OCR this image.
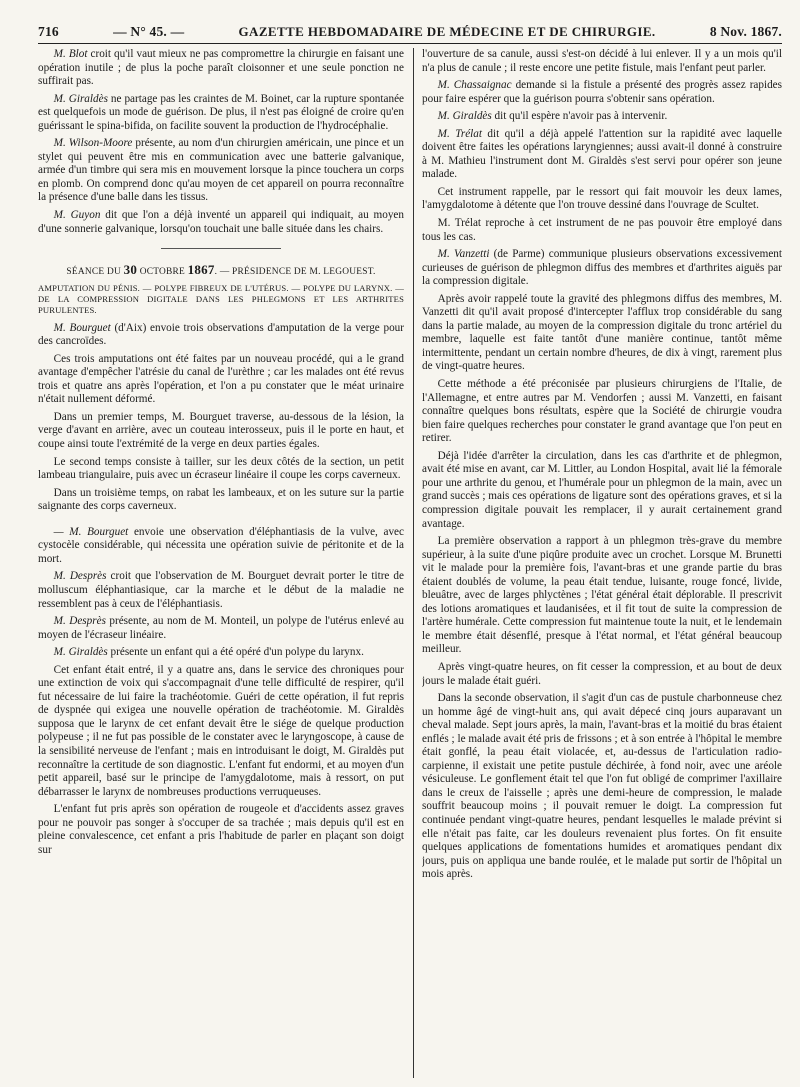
716	— N° 45. —	GAZETTE HEBDOMADAIRE DE MÉDECINE ET DE CHIRURGIE.	8 Nov. 1867.

M. Blot croit qu'il vaut mieux ne pas compromettre la chirurgie en faisant une opération inutile ; de plus la poche paraît cloisonner et une seule ponction ne suffirait pas.

M. Giraldès ne partage pas les craintes de M. Boinet, car la rupture spontanée est quelquefois un mode de guérison. De plus, il n'est pas éloigné de croire qu'en guérissant le spina-bifida, on facilite souvent la production de l'hydrocéphalie.

M. Wilson-Moore présente, au nom d'un chirurgien américain, une pince et un stylet qui peuvent être mis en communication avec une batterie galvanique, armée d'un timbre qui sera mis en mouvement lorsque la pince touchera un corps en plomb. On comprend donc qu'au moyen de cet appareil on pourra reconnaître la présence d'une balle dans les tissus.

M. Guyon dit que l'on a déjà inventé un appareil qui indiquait, au moyen d'une sonnerie galvanique, lorsqu'on touchait une balle située dans les chairs.

SÉANCE DU 30 OCTOBRE 1867. — PRÉSIDENCE DE M. LEGOUEST.
AMPUTATION DU PÉNIS. — POLYPE FIBREUX DE L'UTÉRUS. — POLYPE DU LARYNX. — DE LA COMPRESSION DIGITALE DANS LES PHLEGMONS ET LES ARTHRITES PURULENTES.

M. Bourguet (d'Aix) envoie trois observations d'amputation de la verge pour des cancroïdes.

Ces trois amputations ont été faites par un nouveau procédé, qui a le grand avantage d'empêcher l'atrésie du canal de l'urèthre ; car les malades ont été revus trois et quatre ans après l'opération, et l'on a pu constater que le méat urinaire n'était nullement déformé.

Dans un premier temps, M. Bourguet traverse, au-dessous de la lésion, la verge d'avant en arrière, avec un couteau interosseux, puis il le porte en haut, et coupe ainsi toute l'extrémité de la verge en deux parties égales.

Le second temps consiste à tailler, sur les deux côtés de la section, un petit lambeau triangulaire, puis avec un écraseur linéaire il coupe les corps caverneux.

Dans un troisième temps, on rabat les lambeaux, et on les suture sur la partie saignante des corps caverneux.

— M. Bourguet envoie une observation d'éléphantiasis de la vulve, avec cystocèle considérable, qui nécessita une opération suivie de péritonite et de la mort.

M. Desprès croit que l'observation de M. Bourguet devrait porter le titre de molluscum éléphantiasique, car la marche et le début de la maladie ne ressemblent pas à ceux de l'éléphantiasis.

M. Desprès présente, au nom de M. Monteil, un polype de l'utérus enlevé au moyen de l'écraseur linéaire.

M. Giraldès présente un enfant qui a été opéré d'un polype du larynx.

Cet enfant était entré, il y a quatre ans, dans le service des chroniques pour une extinction de voix qui s'accompagnait d'une telle difficulté de respirer, qu'il fut nécessaire de lui faire la trachéotomie. Guéri de cette opération, il fut repris de dyspnée qui exigea une nouvelle opération de trachéotomie. M. Giraldès supposa que le larynx de cet enfant devait être le siége de quelque production polypeuse ; il ne fut pas possible de le constater avec le laryngoscope, à cause de la sensibilité nerveuse de l'enfant ; mais en introduisant le doigt, M. Giraldès put reconnaître la certitude de son diagnostic. L'enfant fut endormi, et au moyen d'un petit appareil, basé sur le principe de l'amygdalotome, mais à ressort, on put débarrasser le larynx de nombreuses productions verruqueuses.

L'enfant fut pris après son opération de rougeole et d'accidents assez graves pour ne pouvoir pas songer à s'occuper de sa trachée ; mais depuis qu'il est en pleine convalescence, cet enfant a pris l'habitude de parler en plaçant son doigt sur

l'ouverture de sa canule, aussi s'est-on décidé à lui enlever. Il y a un mois qu'il n'a plus de canule ; il reste encore une petite fistule, mais l'enfant peut parler.

M. Chassaignac demande si la fistule a présenté des progrès assez rapides pour faire espérer que la guérison pourra s'obtenir sans opération.

M. Giraldès dit qu'il espère n'avoir pas à intervenir.

M. Trélat dit qu'il a déjà appelé l'attention sur la rapidité avec laquelle doivent être faites les opérations laryngiennes; aussi avait-il donné à construire à M. Mathieu l'instrument dont M. Giraldès s'est servi pour opérer son jeune malade.

Cet instrument rappelle, par le ressort qui fait mouvoir les deux lames, l'amygdalotome à détente que l'on trouve dessiné dans l'ouvrage de Scultet.

M. Trélat reproche à cet instrument de ne pas pouvoir être employé dans tous les cas.

M. Vanzetti (de Parme) communique plusieurs observations excessivement curieuses de guérison de phlegmon diffus des membres et d'arthrites aiguës par la compression digitale.

Après avoir rappelé toute la gravité des phlegmons diffus des membres, M. Vanzetti dit qu'il avait proposé d'intercepter l'afflux trop considérable du sang dans la partie malade, au moyen de la compression digitale du tronc artériel du membre, laquelle est faite tantôt d'une manière continue, tantôt même intermittente, pendant un certain nombre d'heures, de dix à vingt, rarement plus de vingt-quatre heures.

Cette méthode a été préconisée par plusieurs chirurgiens de l'Italie, de l'Allemagne, et entre autres par M. Vendorfen ; aussi M. Vanzetti, en faisant connaître quelques bons résultats, espère que la Société de chirurgie voudra bien faire quelques recherches pour constater le grand avantage que l'on peut en retirer.

Déjà l'idée d'arrêter la circulation, dans les cas d'arthrite et de phlegmon, avait été mise en avant, car M. Littler, au London Hospital, avait lié la fémorale pour une arthrite du genou, et l'humérale pour un phlegmon de la main, avec un grand succès ; mais ces opérations de ligature sont des opérations graves, et si la compression digitale pouvait les remplacer, il y aurait certainement grand avantage.

La première observation a rapport à un phlegmon très-grave du membre supérieur, à la suite d'une piqûre produite avec un crochet. Lorsque M. Brunetti vit le malade pour la première fois, l'avant-bras et une grande partie du bras étaient doublés de volume, la peau était tendue, luisante, rouge foncé, livide, bleuâtre, avec de larges phlyctènes ; l'état général était déplorable. Il prescrivit des lotions aromatiques et laudanisées, et il fit tout de suite la compression de l'artère humérale. Cette compression fut maintenue toute la nuit, et le lendemain le membre était désenflé, presque à l'état normal, et l'état général beaucoup meilleur.

Après vingt-quatre heures, on fit cesser la compression, et au bout de deux jours le malade était guéri.

Dans la seconde observation, il s'agit d'un cas de pustule charbonneuse chez un homme âgé de vingt-huit ans, qui avait dépecé cinq jours auparavant un cheval malade. Sept jours après, la main, l'avant-bras et la moitié du bras étaient enflés ; le malade avait été pris de frissons ; et à son entrée à l'hôpital le membre était gonflé, la peau était violacée, et, au-dessus de l'articulation radio-carpienne, il existait une petite pustule déchirée, à fond noir, avec une aréole vésiculeuse. Le gonflement était tel que l'on fut obligé de comprimer l'axillaire dans le creux de l'aisselle ; après une demi-heure de compression, le malade souffrit beaucoup moins ; il pouvait remuer le doigt. La compression fut continuée pendant vingt-quatre heures, pendant lesquelles le malade prévint si elle n'était pas faite, car les douleurs revenaient plus fortes. On fit ensuite quelques applications de fomentations humides et aromatiques pendant dix jours, puis on appliqua une bande roulée, et le malade put sortir de l'hôpital un mois après.
